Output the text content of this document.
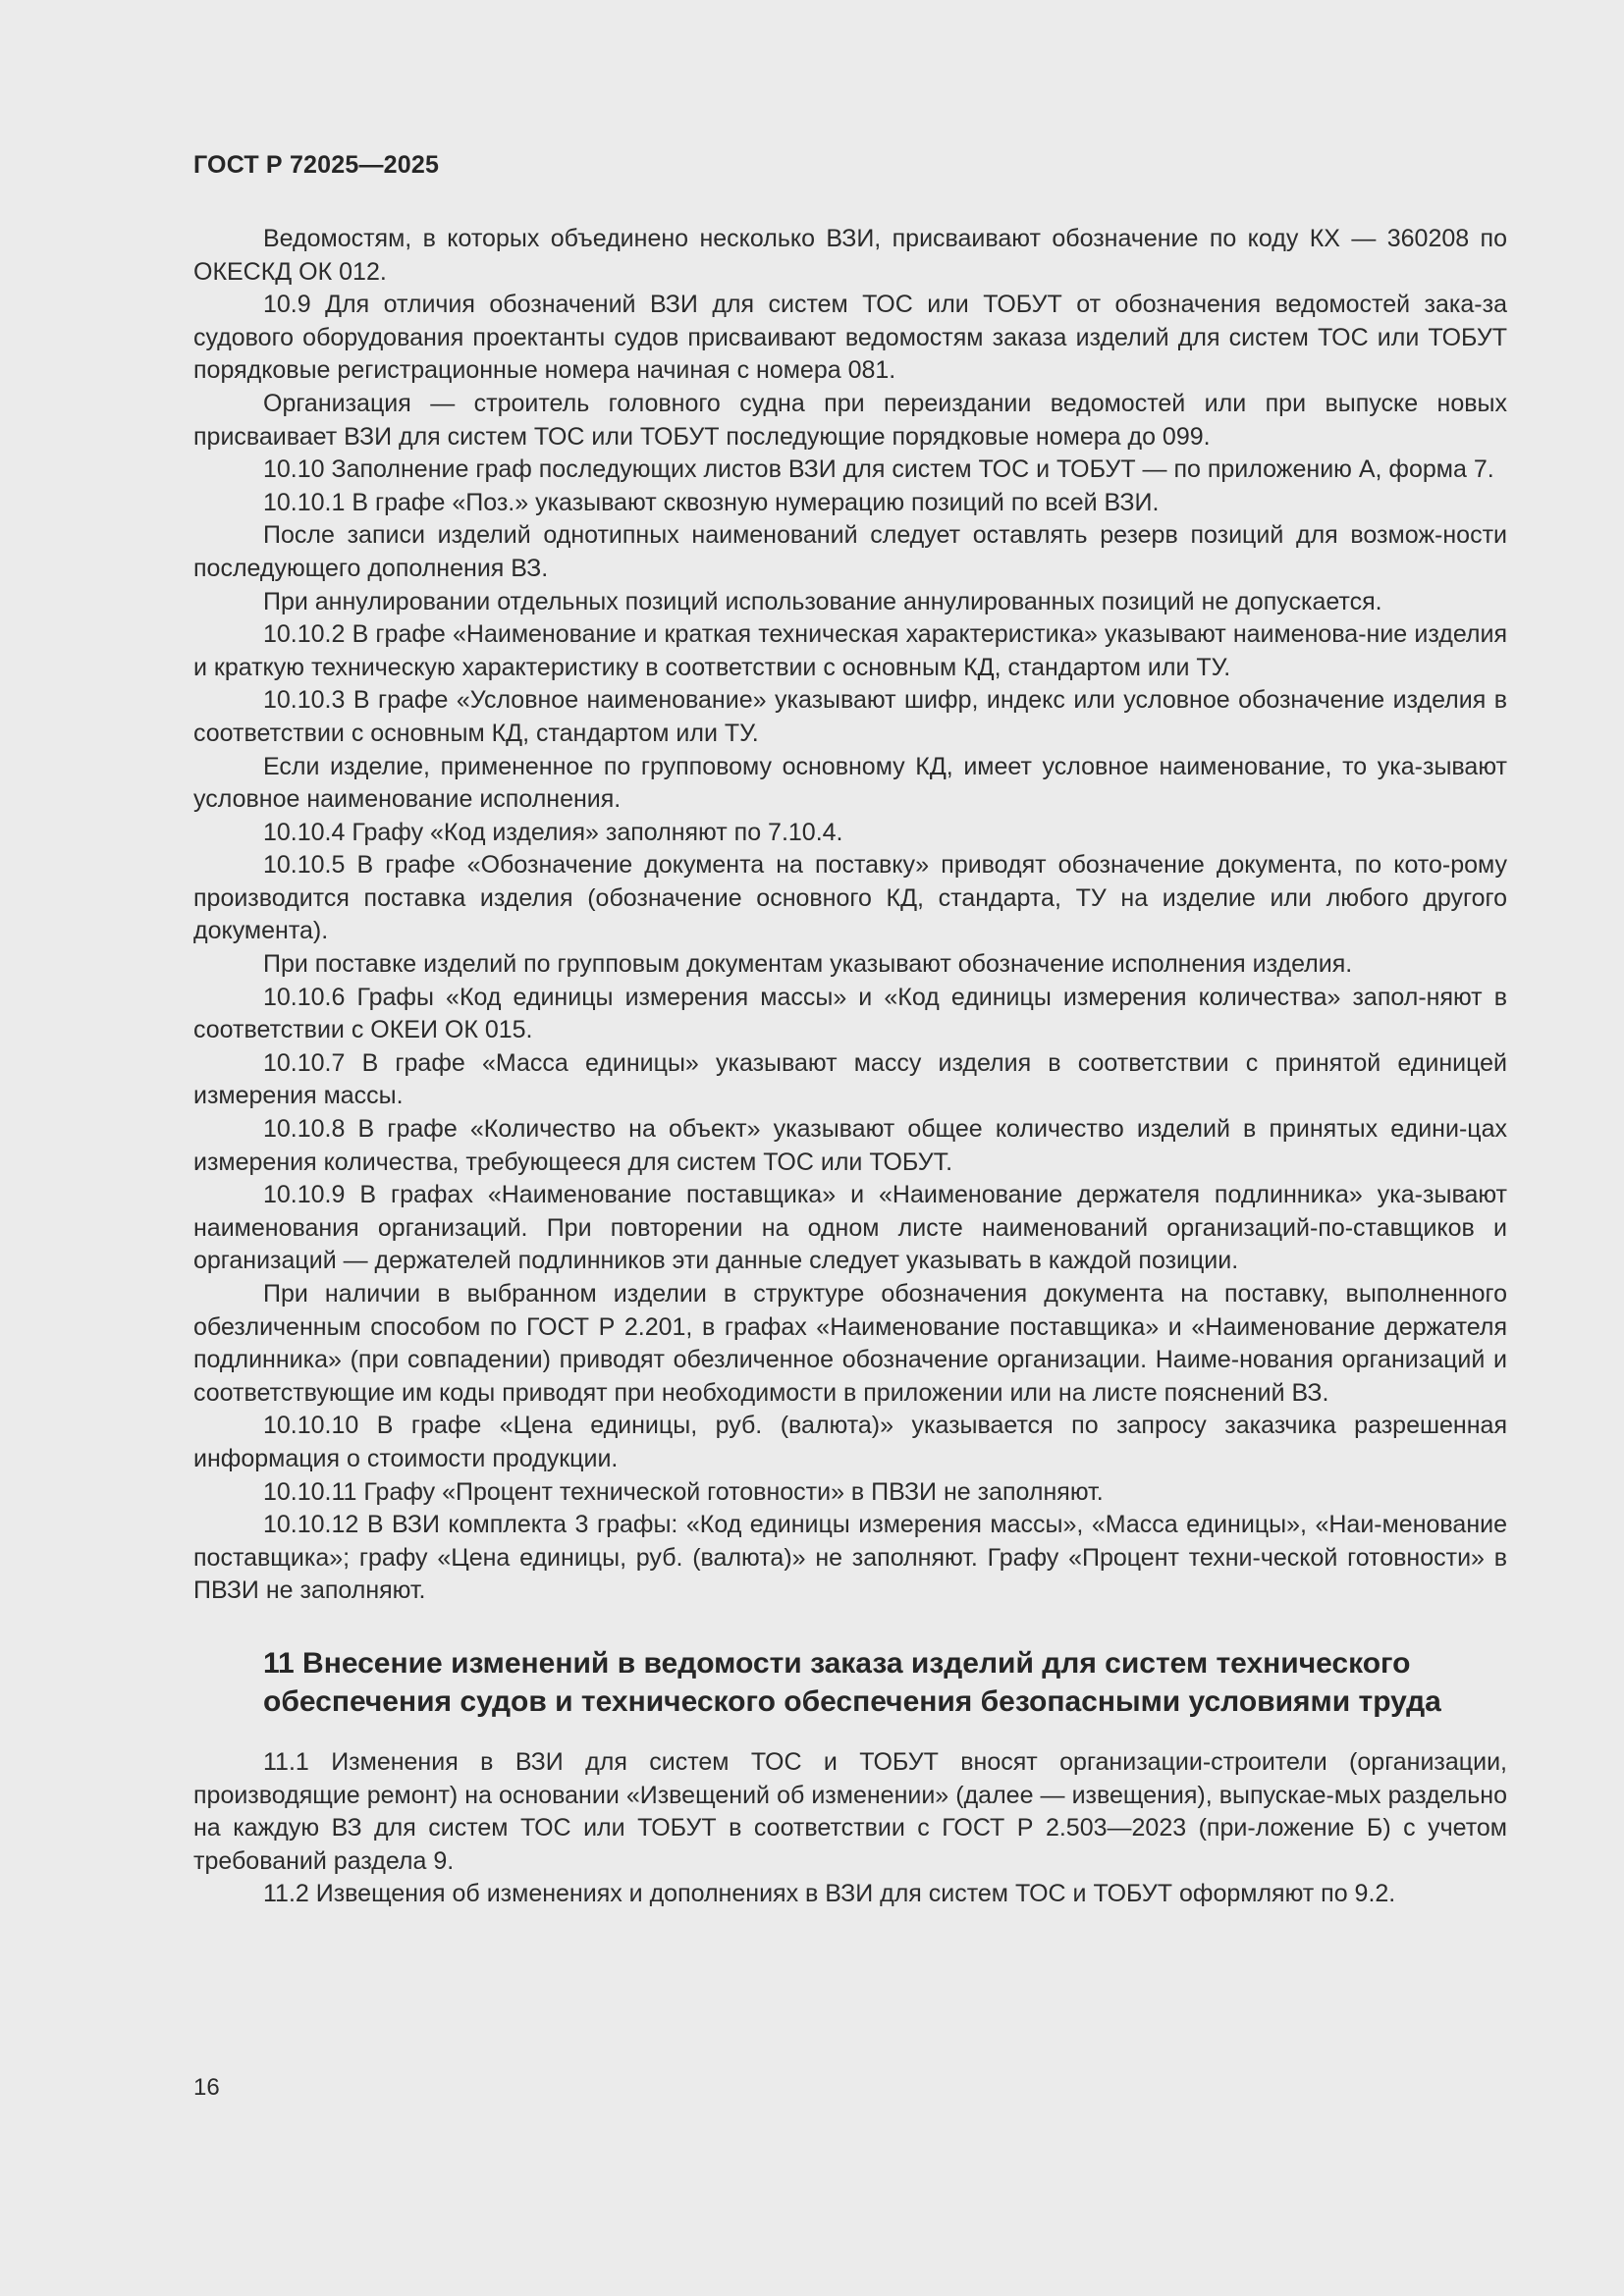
ГОСТ Р 72025—2025

Ведомостям, в которых объединено несколько ВЗИ, присваивают обозначение по коду КХ — 360208 по ОКЕСКД ОК 012.

10.9 Для отличия обозначений ВЗИ для систем ТОС или ТОБУТ от обозначения ведомостей зака-за судового оборудования проектанты судов присваивают ведомостям заказа изделий для систем ТОС или ТОБУТ порядковые регистрационные номера начиная с номера 081.

Организация — строитель головного судна при переиздании ведомостей или при выпуске новых присваивает ВЗИ для систем ТОС или ТОБУТ последующие порядковые номера до 099.

10.10 Заполнение граф последующих листов ВЗИ для систем ТОС и ТОБУТ — по приложению А, форма 7.

10.10.1 В графе «Поз.» указывают сквозную нумерацию позиций по всей ВЗИ.

После записи изделий однотипных наименований следует оставлять резерв позиций для возмож-ности последующего дополнения ВЗ.

При аннулировании отдельных позиций использование аннулированных позиций не допускается.

10.10.2 В графе «Наименование и краткая техническая характеристика» указывают наименова-ние изделия и краткую техническую характеристику в соответствии с основным КД, стандартом или ТУ.

10.10.3 В графе «Условное наименование» указывают шифр, индекс или условное обозначение изделия в соответствии с основным КД, стандартом или ТУ.

Если изделие, примененное по групповому основному КД, имеет условное наименование, то ука-зывают условное наименование исполнения.

10.10.4 Графу «Код изделия» заполняют по 7.10.4.

10.10.5 В графе «Обозначение документа на поставку» приводят обозначение документа, по кото-рому производится поставка изделия (обозначение основного КД, стандарта, ТУ на изделие или любого другого документа).

При поставке изделий по групповым документам указывают обозначение исполнения изделия.

10.10.6 Графы «Код единицы измерения массы» и «Код единицы измерения количества» запол-няют в соответствии с ОКЕИ ОК 015.

10.10.7 В графе «Масса единицы» указывают массу изделия в соответствии с принятой единицей измерения массы.

10.10.8 В графе «Количество на объект» указывают общее количество изделий в принятых едини-цах измерения количества, требующееся для систем ТОС или ТОБУТ.

10.10.9 В графах «Наименование поставщика» и «Наименование держателя подлинника» ука-зывают наименования организаций. При повторении на одном листе наименований организаций-по-ставщиков и организаций — держателей подлинников эти данные следует указывать в каждой позиции.

При наличии в выбранном изделии в структуре обозначения документа на поставку, выполненного обезличенным способом по ГОСТ Р 2.201, в графах «Наименование поставщика» и «Наименование держателя подлинника» (при совпадении) приводят обезличенное обозначение организации. Наиме-нования организаций и соответствующие им коды приводят при необходимости в приложении или на листе пояснений ВЗ.

10.10.10 В графе «Цена единицы, руб. (валюта)» указывается по запросу заказчика разрешенная информация о стоимости продукции.

10.10.11 Графу «Процент технической готовности» в ПВЗИ не заполняют.

10.10.12 В ВЗИ комплекта 3 графы: «Код единицы измерения массы», «Масса единицы», «Наи-менование поставщика»; графу «Цена единицы, руб. (валюта)» не заполняют. Графу «Процент техни-ческой готовности» в ПВЗИ не заполняют.

11 Внесение изменений в ведомости заказа изделий для систем технического обеспечения судов и технического обеспечения безопасными условиями труда

11.1 Изменения в ВЗИ для систем ТОС и ТОБУТ вносят организации-строители (организации, производящие ремонт) на основании «Извещений об изменении» (далее — извещения), выпускае-мых раздельно на каждую ВЗ для систем ТОС или ТОБУТ в соответствии с ГОСТ Р 2.503—2023 (при-ложение Б) с учетом требований раздела 9.

11.2 Извещения об изменениях и дополнениях в ВЗИ для систем ТОС и ТОБУТ оформляют по 9.2.

16
